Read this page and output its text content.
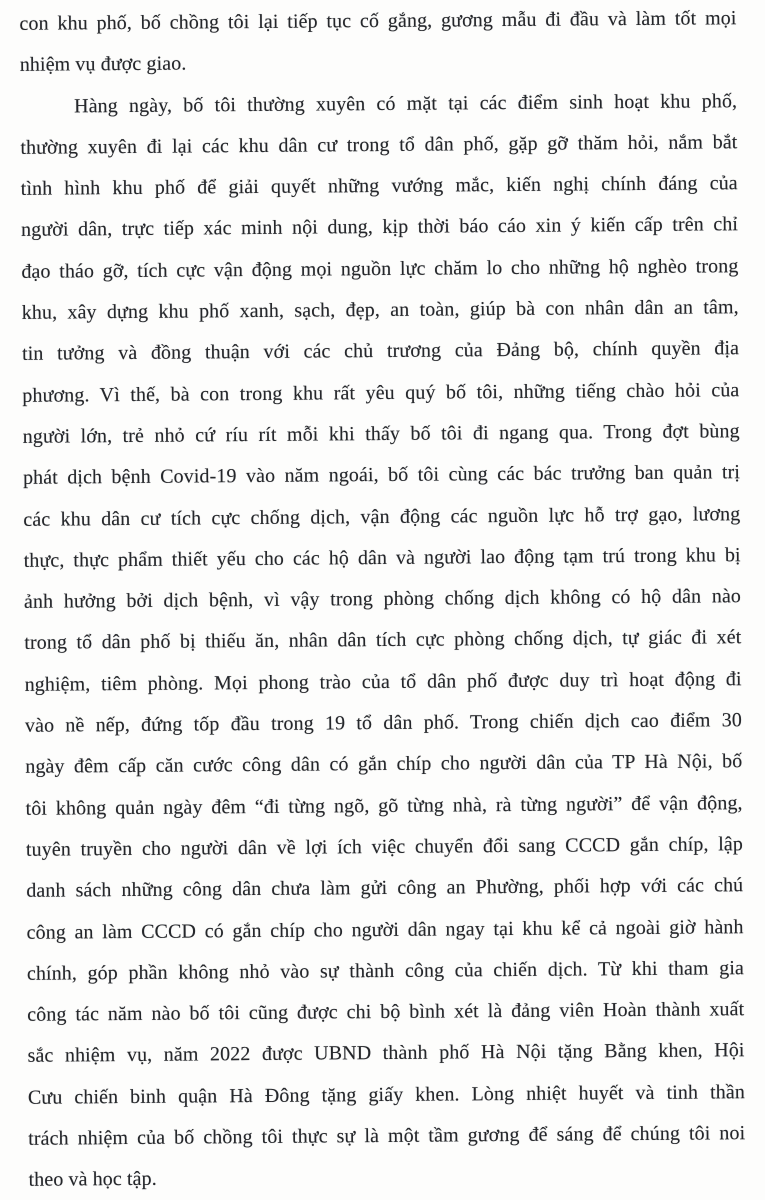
con khu phố, bố chồng tôi lại tiếp tục cố gắng, gương mẫu đi đầu và làm tốt mọi
nhiệm vụ được giao.
Hàng ngày, bố tôi thường xuyên có mặt tại các điểm sinh hoạt khu phố,
thường xuyên đi lại các khu dân cư trong tổ dân phố, gặp gỡ thăm hỏi, nắm bắt
tình hình khu phố để giải quyết những vướng mắc, kiến nghị chính đáng của
người dân, trực tiếp xác minh nội dung, kịp thời báo cáo xin ý kiến cấp trên chỉ
đạo tháo gỡ, tích cực vận động mọi nguồn lực chăm lo cho những hộ nghèo trong
khu, xây dựng khu phố xanh, sạch, đẹp, an toàn, giúp bà con nhân dân an tâm,
tin tưởng và đồng thuận với các chủ trương của Đảng bộ, chính quyền địa
phương. Vì thế, bà con trong khu rất yêu quý bố tôi, những tiếng chào hỏi của
người lớn, trẻ nhỏ cứ ríu rít mỗi khi thấy bố tôi đi ngang qua. Trong đợt bùng
phát dịch bệnh Covid-19 vào năm ngoái, bố tôi cùng các bác trưởng ban quản trị
các khu dân cư tích cực chống dịch, vận động các nguồn lực hỗ trợ gạo, lương
thực, thực phẩm thiết yếu cho các hộ dân và người lao động tạm trú trong khu bị
ảnh hưởng bởi dịch bệnh, vì vậy trong phòng chống dịch không có hộ dân nào
trong tổ dân phố bị thiếu ăn, nhân dân tích cực phòng chống dịch, tự giác đi xét
nghiệm, tiêm phòng. Mọi phong trào của tổ dân phố được duy trì hoạt động đi
vào nề nếp, đứng tốp đầu trong 19 tổ dân phố. Trong chiến dịch cao điểm 30
ngày đêm cấp căn cước công dân có gắn chíp cho người dân của TP Hà Nội, bố
tôi không quản ngày đêm “đi từng ngõ, gõ từng nhà, rà từng người” để vận động,
tuyên truyền cho người dân về lợi ích việc chuyển đổi sang CCCD gắn chíp, lập
danh sách những công dân chưa làm gửi công an Phường, phối hợp với các chú
công an làm CCCD có gắn chíp cho người dân ngay tại khu kể cả ngoài giờ hành
chính, góp phần không nhỏ vào sự thành công của chiến dịch. Từ khi tham gia
công tác năm nào bố tôi cũng được chi bộ bình xét là đảng viên Hoàn thành xuất
sắc nhiệm vụ, năm 2022 được UBND thành phố Hà Nội tặng Bằng khen, Hội
Cưu chiến binh quận Hà Đông tặng giấy khen. Lòng nhiệt huyết và tinh thần
trách nhiệm của bố chồng tôi thực sự là một tầm gương để sáng để chúng tôi noi
theo và học tập.
